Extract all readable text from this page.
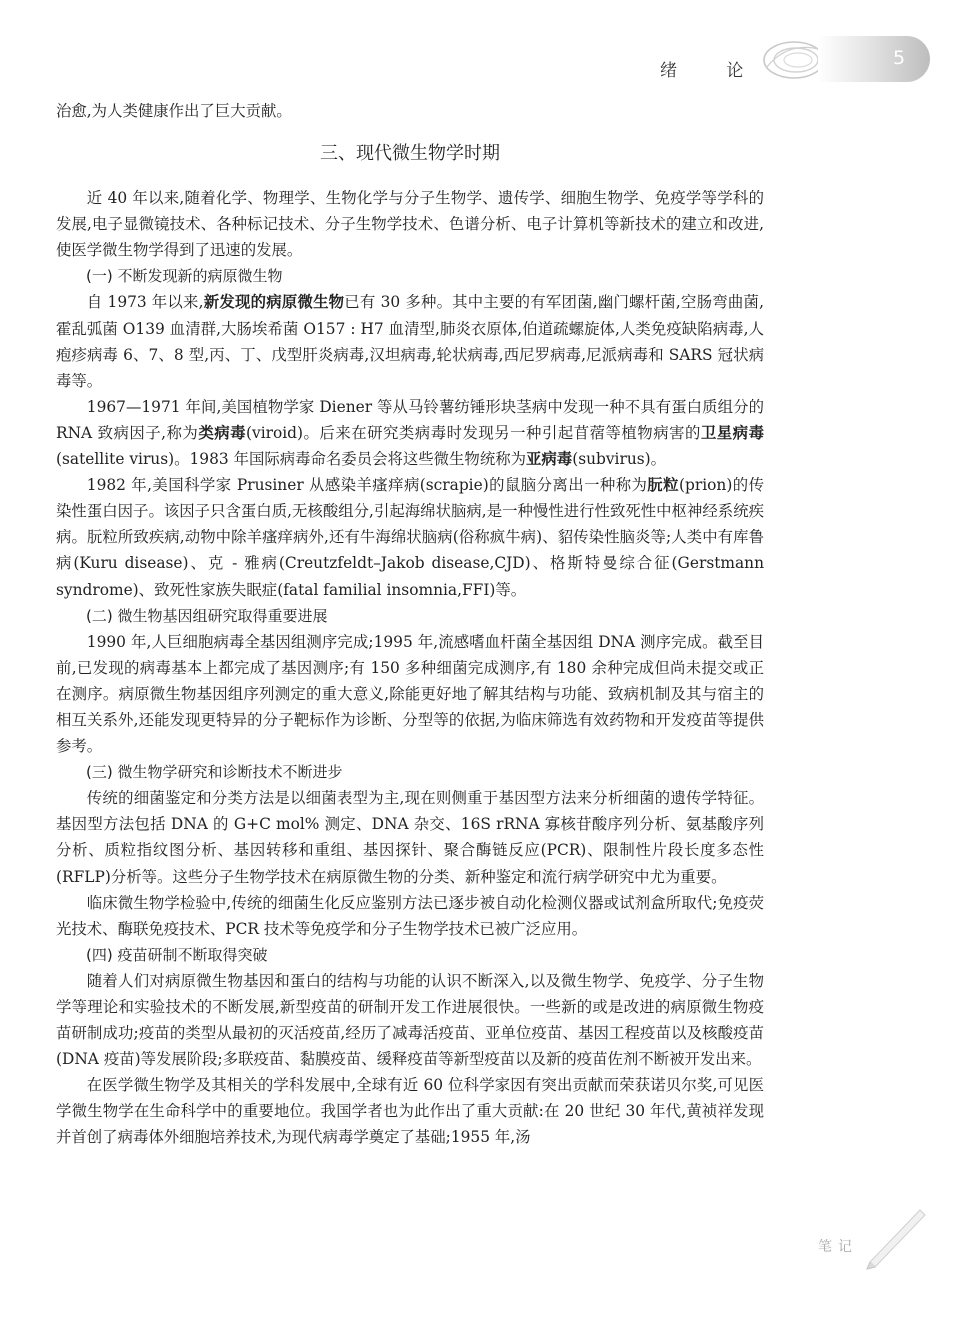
绪 论
5

治愈,为人类健康作出了巨大贡献。

三、现代微生物学时期

近 40 年以来,随着化学、物理学、生物化学与分子生物学、遗传学、细胞生物学、免疫学等学科的发展,电子显微镜技术、各种标记技术、分子生物学技术、色谱分析、电子计算机等新技术的建立和改进,使医学微生物学得到了迅速的发展。

(一) 不断发现新的病原微生物

自 1973 年以来,新发现的病原微生物已有 30 多种。其中主要的有军团菌,幽门螺杆菌,空肠弯曲菌,霍乱弧菌 O139 血清群,大肠埃希菌 O157 : H7 血清型,肺炎衣原体,伯道疏螺旋体,人类免疫缺陷病毒,人疱疹病毒 6、7、8 型,丙、丁、戊型肝炎病毒,汉坦病毒,轮状病毒,西尼罗病毒,尼派病毒和 SARS 冠状病毒等。

1967—1971 年间,美国植物学家 Diener 等从马铃薯纺锤形块茎病中发现一种不具有蛋白质组分的 RNA 致病因子,称为类病毒(viroid)。后来在研究类病毒时发现另一种引起苜蓿等植物病害的卫星病毒(satellite virus)。1983 年国际病毒命名委员会将这些微生物统称为亚病毒(subvirus)。

1982 年,美国科学家 Prusiner 从感染羊瘙痒病(scrapie)的鼠脑分离出一种称为朊粒(prion)的传染性蛋白因子。该因子只含蛋白质,无核酸组分,引起海绵状脑病,是一种慢性进行性致死性中枢神经系统疾病。朊粒所致疾病,动物中除羊瘙痒病外,还有牛海绵状脑病(俗称疯牛病)、貂传染性脑炎等;人类中有库鲁病(Kuru disease)、克 - 雅病(Creutzfeldt–Jakob disease,CJD)、格斯特曼综合征(Gerstmann syndrome)、致死性家族失眠症(fatal familial insomnia,FFI)等。

(二) 微生物基因组研究取得重要进展

1990 年,人巨细胞病毒全基因组测序完成;1995 年,流感嗜血杆菌全基因组 DNA 测序完成。截至目前,已发现的病毒基本上都完成了基因测序;有 150 多种细菌完成测序,有 180 余种完成但尚未提交或正在测序。病原微生物基因组序列测定的重大意义,除能更好地了解其结构与功能、致病机制及其与宿主的相互关系外,还能发现更特异的分子靶标作为诊断、分型等的依据,为临床筛选有效药物和开发疫苗等提供参考。

(三) 微生物学研究和诊断技术不断进步

传统的细菌鉴定和分类方法是以细菌表型为主,现在则侧重于基因型方法来分析细菌的遗传学特征。基因型方法包括 DNA 的 G+C mol% 测定、DNA 杂交、16S rRNA 寡核苷酸序列分析、氨基酸序列分析、质粒指纹图分析、基因转移和重组、基因探针、聚合酶链反应(PCR)、限制性片段长度多态性(RFLP)分析等。这些分子生物学技术在病原微生物的分类、新种鉴定和流行病学研究中尤为重要。

临床微生物学检验中,传统的细菌生化反应鉴别方法已逐步被自动化检测仪器或试剂盒所取代;免疫荧光技术、酶联免疫技术、PCR 技术等免疫学和分子生物学技术已被广泛应用。

(四) 疫苗研制不断取得突破

随着人们对病原微生物基因和蛋白的结构与功能的认识不断深入,以及微生物学、免疫学、分子生物学等理论和实验技术的不断发展,新型疫苗的研制开发工作进展很快。一些新的或是改进的病原微生物疫苗研制成功;疫苗的类型从最初的灭活疫苗,经历了减毒活疫苗、亚单位疫苗、基因工程疫苗以及核酸疫苗(DNA 疫苗)等发展阶段;多联疫苗、黏膜疫苗、缓释疫苗等新型疫苗以及新的疫苗佐剂不断被开发出来。

在医学微生物学及其相关的学科发展中,全球有近 60 位科学家因有突出贡献而荣获诺贝尔奖,可见医学微生物学在生命科学中的重要地位。我国学者也为此作出了重大贡献:在 20 世纪 30 年代,黄祯祥发现并首创了病毒体外细胞培养技术,为现代病毒学奠定了基础;1955 年,汤

笔记
